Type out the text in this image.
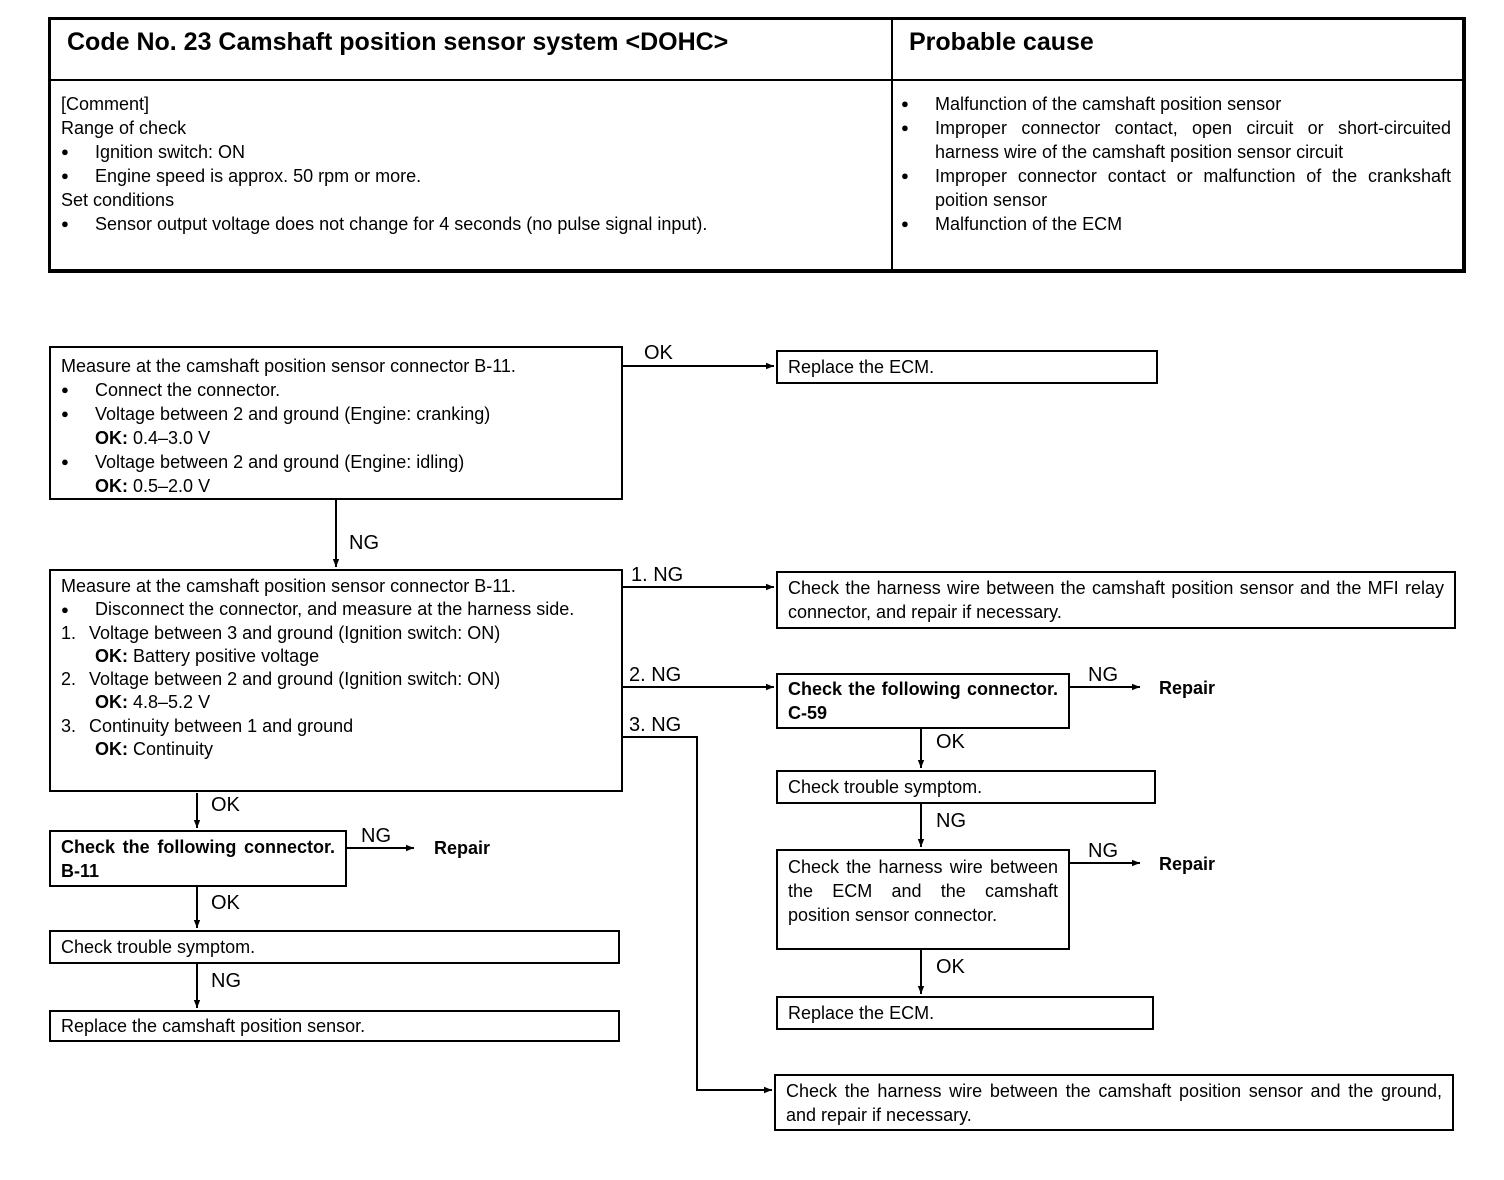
Code No. 23 Camshaft position sensor system <DOHC>	Probable cause
[Comment]
Range of check
● Ignition switch: ON
● Engine speed is approx. 50 rpm or more.
Set conditions
● Sensor output voltage does not change for 4 seconds (no pulse signal input).
● Malfunction of the camshaft position sensor
● Improper connector contact, open circuit or short-circuited harness wire of the camshaft position sensor circuit
● Improper connector contact or malfunction of the crankshaft poition sensor
● Malfunction of the ECM
Measure at the camshaft position sensor connector B-11.
● Connect the connector.
● Voltage between 2 and ground (Engine: cranking)
OK: 0.4–3.0 V
● Voltage between 2 and ground (Engine: idling)
OK: 0.5–2.0 V
Replace the ECM.
Measure at the camshaft position sensor connector B-11.
● Disconnect the connector, and measure at the harness side.
1. Voltage between 3 and ground (Ignition switch: ON)
OK: Battery positive voltage
2. Voltage between 2 and ground (Ignition switch: ON)
OK: 4.8–5.2 V
3. Continuity between 1 and ground
OK: Continuity
Check the harness wire between the camshaft position sensor and the MFI relay connector, and repair if necessary.
Check the following connector. C-59
Check the following connector. B-11
Check trouble symptom.
Replace the camshaft position sensor.
Check trouble symptom.
Check the harness wire between the ECM and the camshaft position sensor connector.
Replace the ECM.
Check the harness wire between the camshaft position sensor and the ground, and repair if necessary.
OK
NG
1. NG
2. NG
3. NG
OK
NG
OK
NG
NG
OK
NG
NG
OK
Repair
Repair
Repair
